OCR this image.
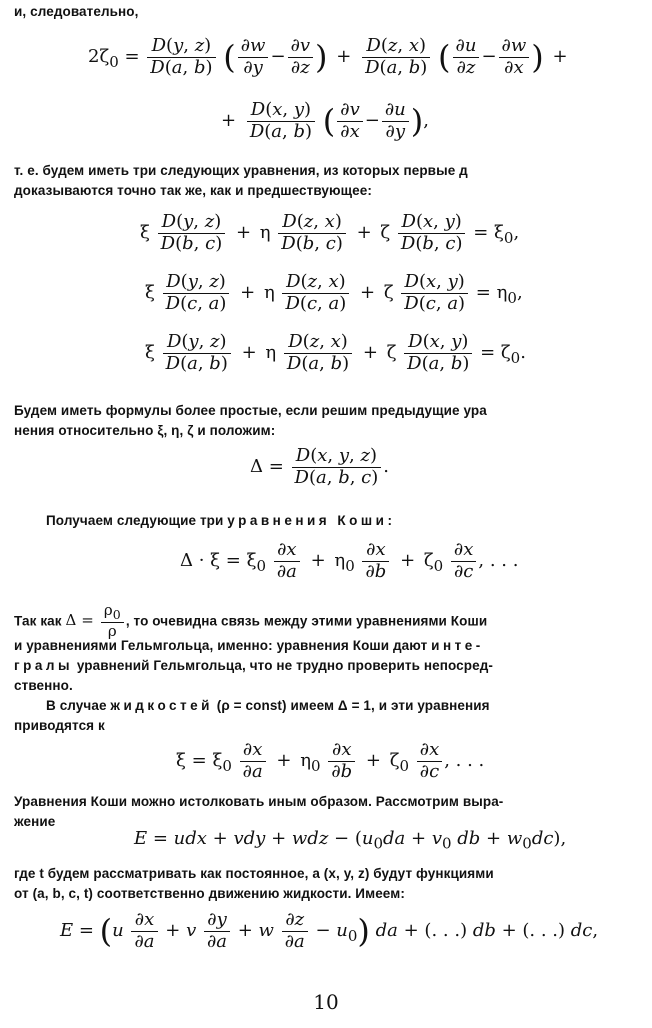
и, следовательно,
$2\zeta_0 = \frac{D(y, z)}{D(a, b)}$ ( $\frac{\partial w}{\partial y} - \frac{\partial v}{\partial z}$ ) + $\frac{D(z, x)}{D(a, b)}$ ( $\frac{\partial u}{\partial z} - \frac{\partial w}{\partial x}$ ) +
+ $\frac{D(x, y)}{D(a, b)}$ ( $\frac{\partial v}{\partial x} - \frac{\partial u}{\partial y}$ ),
т. е. будем иметь три следующих уравнения, из которых первые д
доказываются точно так же, как и предшествующее:
ξ $\frac{D(y, z)}{D(b, c)} + \eta \frac{D(z, x)}{D(b, c)} + \zeta \frac{D(x, y)}{D(b, c)} = \xi_0$,
ξ $\frac{D(y, z)}{D(c, a)} + \eta \frac{D(z, x)}{D(c, a)} + \zeta \frac{D(x, y)}{D(c, a)} = \eta_0$,
ξ $\frac{D(y, z)}{D(a, b)} + \eta \frac{D(z, x)}{D(a, b)} + \zeta \frac{D(x, y)}{D(a, b)} = \zeta_0$.
Будем иметь формулы более простые, если решим предыдущие ура
нения относительно ξ, η, ζ и положим:
$\Delta = \frac{D(x, y, z)}{D(a, b, c)}$ .
Получаем следующие три уравнения Коши:
$\Delta \cdot \xi = \xi_0 \frac{\partial x}{\partial a} + \eta_0 \frac{\partial x}{\partial b} + \zeta_0 \frac{\partial x}{\partial c}$ , . . .
Так как $\Delta = \frac{\rho_0}{\rho}$ , то очевидна связь между этими уравнениями Коши
и уравнениями Гельмгольца, именно: уравнения Коши дают интe-
гралы уравнений Гельмгольца, что не трудно проверить непосред-
ственно.
В случае жидкостей (ρ = const) имеем Δ = 1, и эти уравнения
приводятся к
$\xi = \xi_0 \frac{\partial x}{\partial a} + \eta_0 \frac{\partial x}{\partial b} + \zeta_0 \frac{\partial x}{\partial c}$ , . . .
Уравнения Коши можно истолковать иным образом. Рассмотрим выра-
жение
E = udx + vdy + wdz − ($u_0da + v_0$ db + $w_0dc$),
где t будем рассматривать как постоянное, а (x, y, z) будут функциями
от (a, b, c, t) соответственно движению жидкости. Имеем:
$E = (u \frac{\partial x}{\partial a} + v \frac{\partial y}{\partial a} + w \frac{\partial z}{\partial a} - u_0)$ da + (. . .) db + (. . .) dc,
10
